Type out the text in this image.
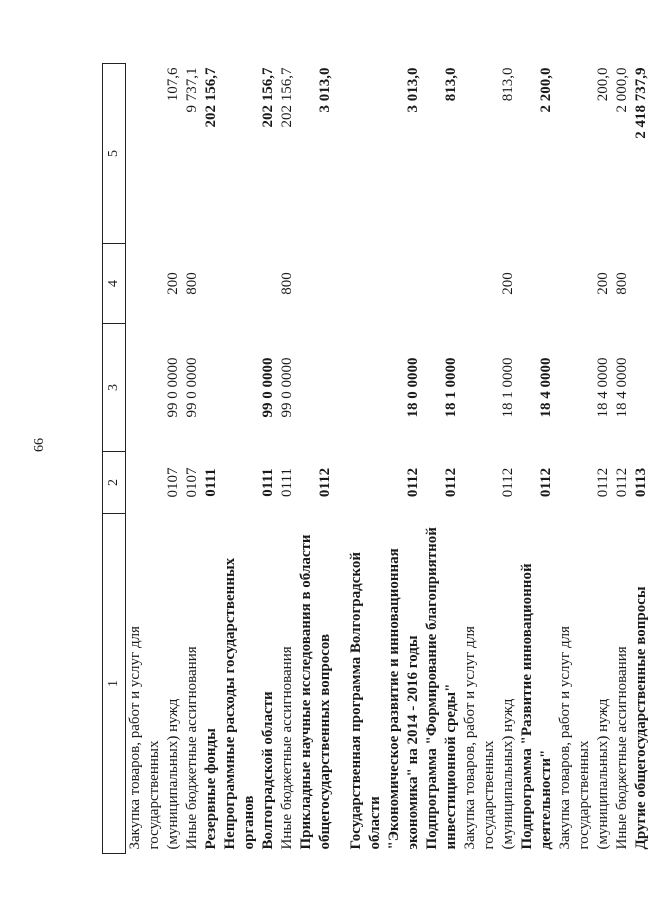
66
1	2	3	4	5
Закупка товаров, работ и услуг для государственных				
(муниципальных) нужд	0107	99 0 0000	200	107,6
Иные бюджетные ассигнования	0107	99 0 0000	800	9 737,1
Резервные фонды	0111			202 156,7
Непрограммные расходы государственных органов				
Волгоградской области	0111	99 0 0000		202 156,7
Иные бюджетные ассигнования	0111	99 0 0000	800	202 156,7
Прикладные научные исследования в области				
общегосударственных вопросов	0112			3 013,0

Государственная программа Волгоградской области				
"Экономическое развитие и инновационная				
экономика" на 2014 - 2016 годы	0112	18 0 0000		3 013,0
Подпрограмма "Формирование благоприятной				
инвестиционной среды"	0112	18 1 0000		813,0
Закупка товаров, работ и услуг для государственных				
(муниципальных) нужд	0112	18 1 0000	200	813,0
Подпрограмма "Развитие инновационной				
деятельности"	0112	18 4 0000		2 200,0
Закупка товаров, работ и услуг для государственных				
(муниципальных) нужд	0112	18 4 0000	200	200,0
Иные бюджетные ассигнования	0112	18 4 0000	800	2 000,0
Другие общегосударственные вопросы	0113			2 418 737,9
